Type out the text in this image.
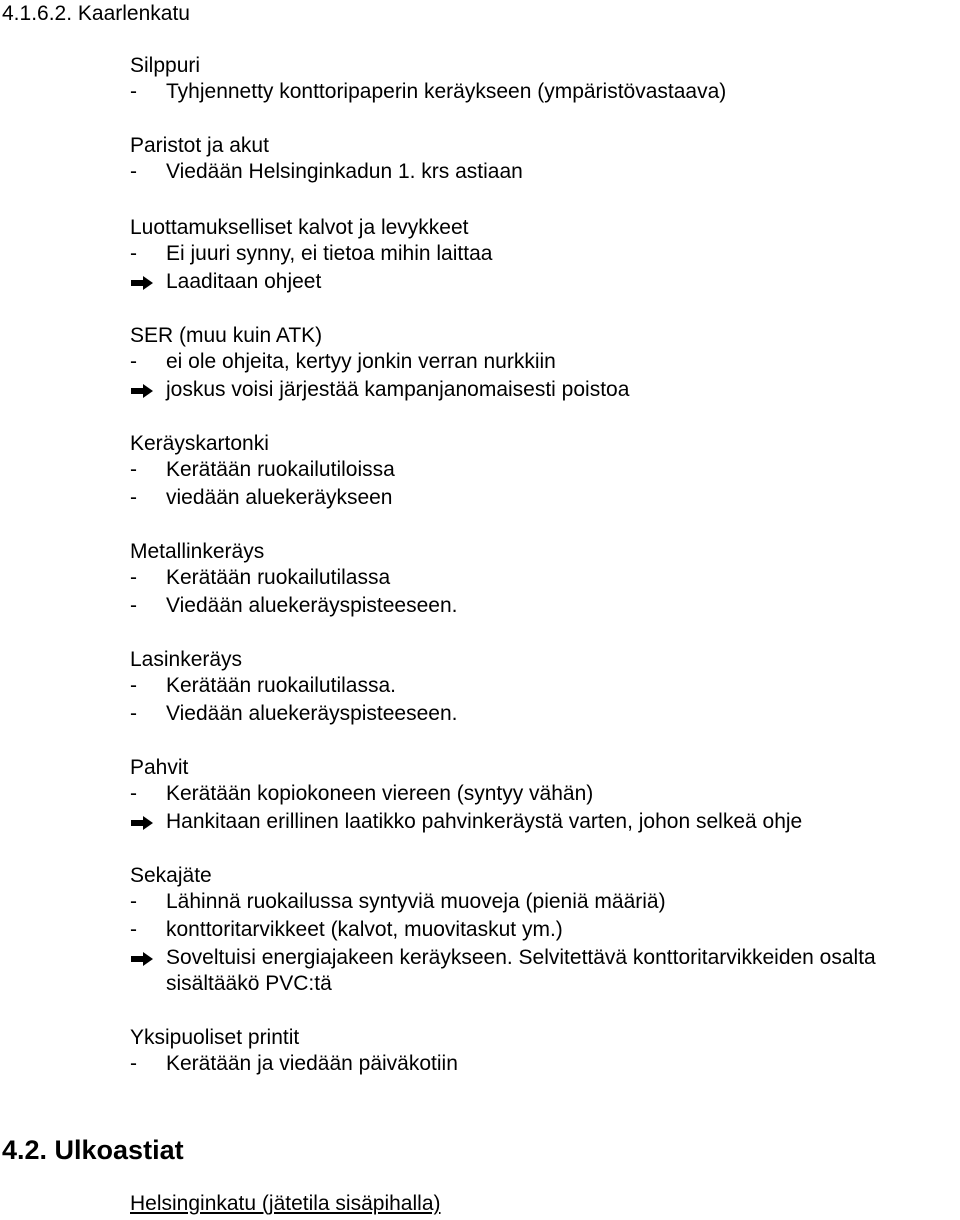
4.1.6.2. Kaarlenkatu
Silppuri
- Tyhjennetty konttoripaperin keräykseen (ympäristövastaava)
Paristot ja akut
- Viedään Helsinginkadun 1. krs astiaan
Luottamukselliset kalvot ja levykkeet
- Ei juuri synny, ei tietoa mihin laittaa
Laaditaan ohjeet
SER (muu kuin ATK)
- ei ole ohjeita, kertyy jonkin verran nurkkiin
joskus voisi järjestää kampanjanomaisesti poistoa
Keräyskartonki
- Kerätään ruokailutiloissa
- viedään aluekeräykseen
Metallinkeräys
- Kerätään ruokailutilassa
- Viedään aluekeräyspisteeseen.
Lasinkeräys
- Kerätään ruokailutilassa.
- Viedään aluekeräyspisteeseen.
Pahvit
- Kerätään kopiokoneen viereen (syntyy vähän)
Hankitaan erillinen laatikko pahvinkeräystä varten, johon selkeä ohje
Sekajäte
- Lähinnä ruokailussa syntyviä muoveja (pieniä määriä)
- konttoritarvikkeet (kalvot, muovitaskut ym.)
Soveltuisi energiajakeen keräykseen. Selvitettävä konttoritarvikkeiden osalta
sisältääkö PVC:tä
Yksipuoliset printit
- Kerätään ja viedään päiväkotiin
4.2. Ulkoastiat
Helsinginkatu (jätetila sisäpihalla)
